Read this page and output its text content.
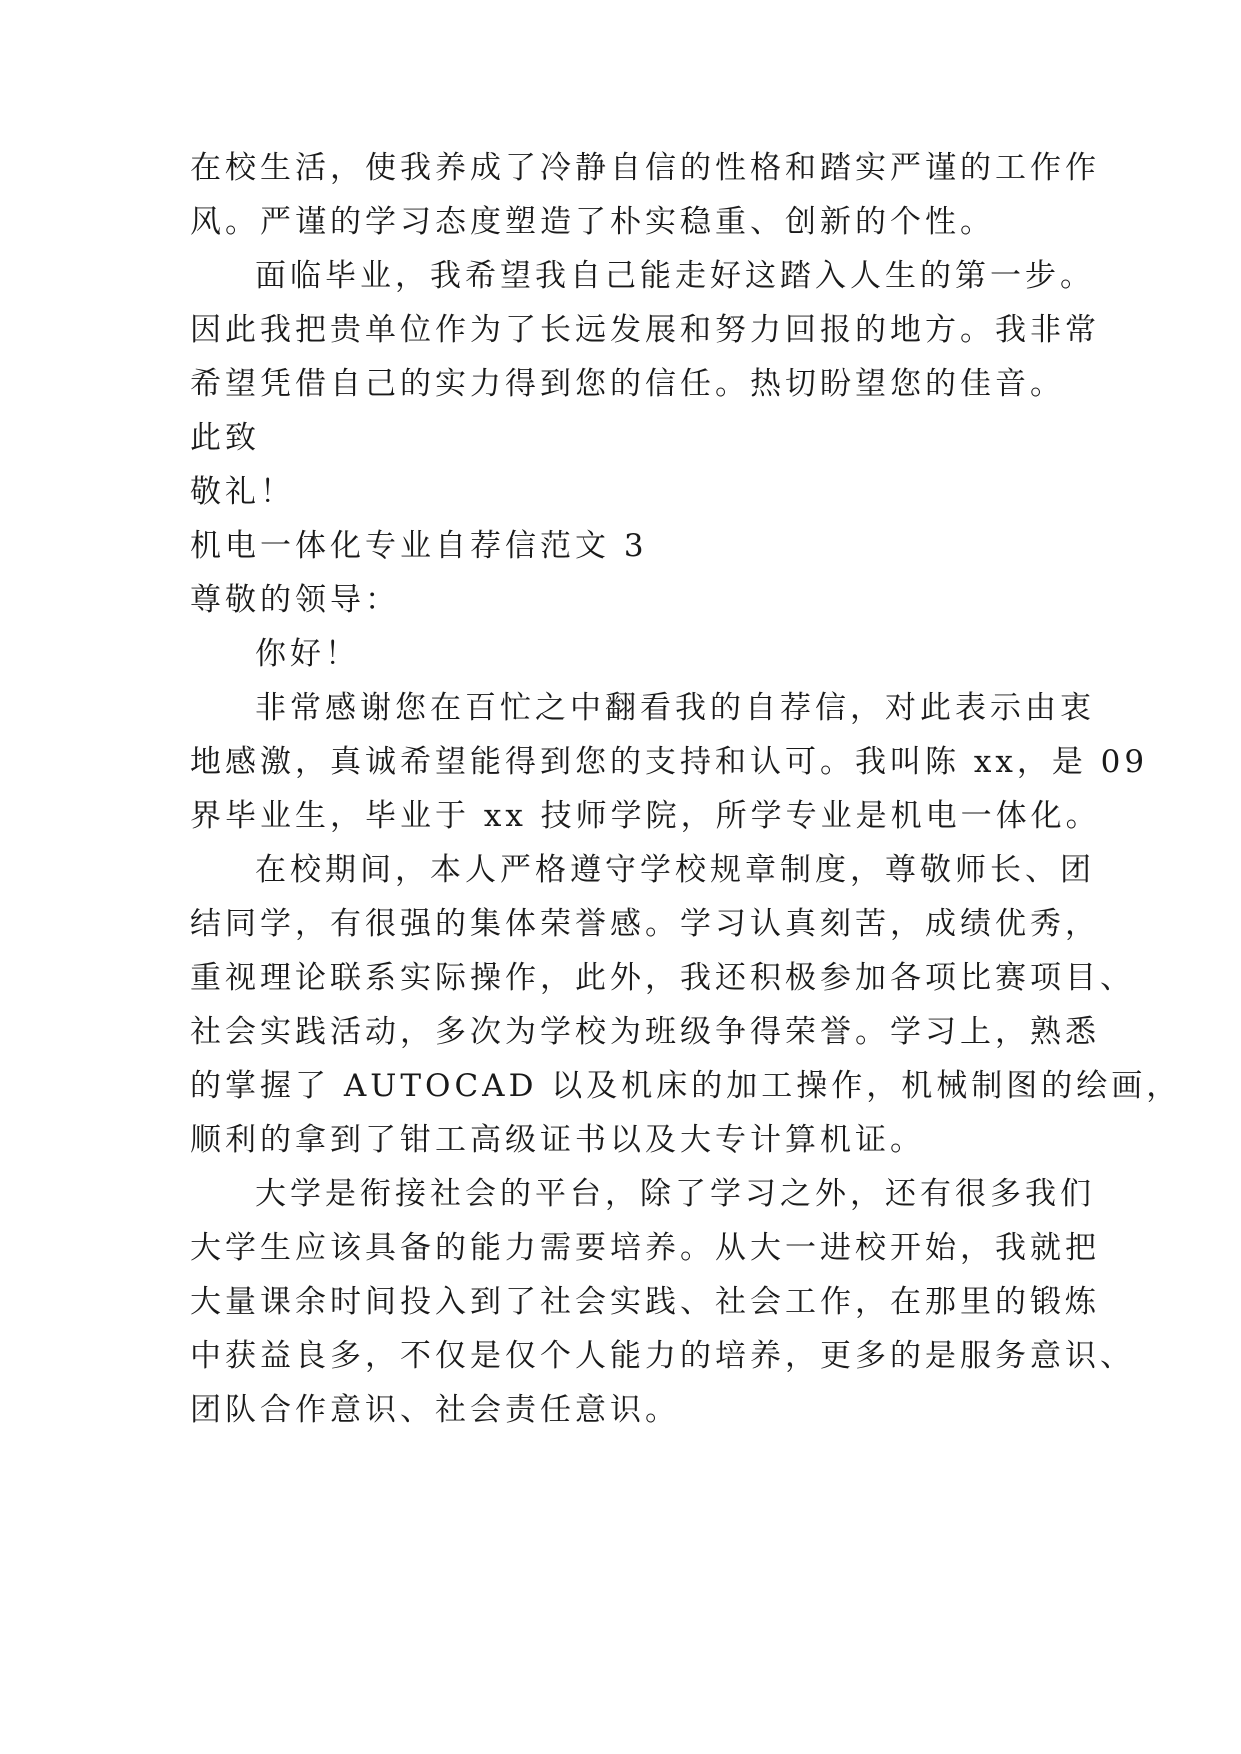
在校生活，使我养成了冷静自信的性格和踏实严谨的工作作
风。严谨的学习态度塑造了朴实稳重、创新的个性。
面临毕业，我希望我自己能走好这踏入人生的第一步。
因此我把贵单位作为了长远发展和努力回报的地方。我非常
希望凭借自己的实力得到您的信任。热切盼望您的佳音。
此致
敬礼！
机电一体化专业自荐信范文 3
尊敬的领导：
你好！
非常感谢您在百忙之中翻看我的自荐信，对此表示由衷
地感激，真诚希望能得到您的支持和认可。我叫陈 xx，是 09
界毕业生，毕业于 xx 技师学院，所学专业是机电一体化。
在校期间，本人严格遵守学校规章制度，尊敬师长、团
结同学，有很强的集体荣誉感。学习认真刻苦，成绩优秀，
重视理论联系实际操作，此外，我还积极参加各项比赛项目、
社会实践活动，多次为学校为班级争得荣誉。学习上，熟悉
的掌握了 AUTOCAD 以及机床的加工操作，机械制图的绘画，
顺利的拿到了钳工高级证书以及大专计算机证。
大学是衔接社会的平台，除了学习之外，还有很多我们
大学生应该具备的能力需要培养。从大一进校开始，我就把
大量课余时间投入到了社会实践、社会工作，在那里的锻炼
中获益良多，不仅是仅个人能力的培养，更多的是服务意识、
团队合作意识、社会责任意识。
